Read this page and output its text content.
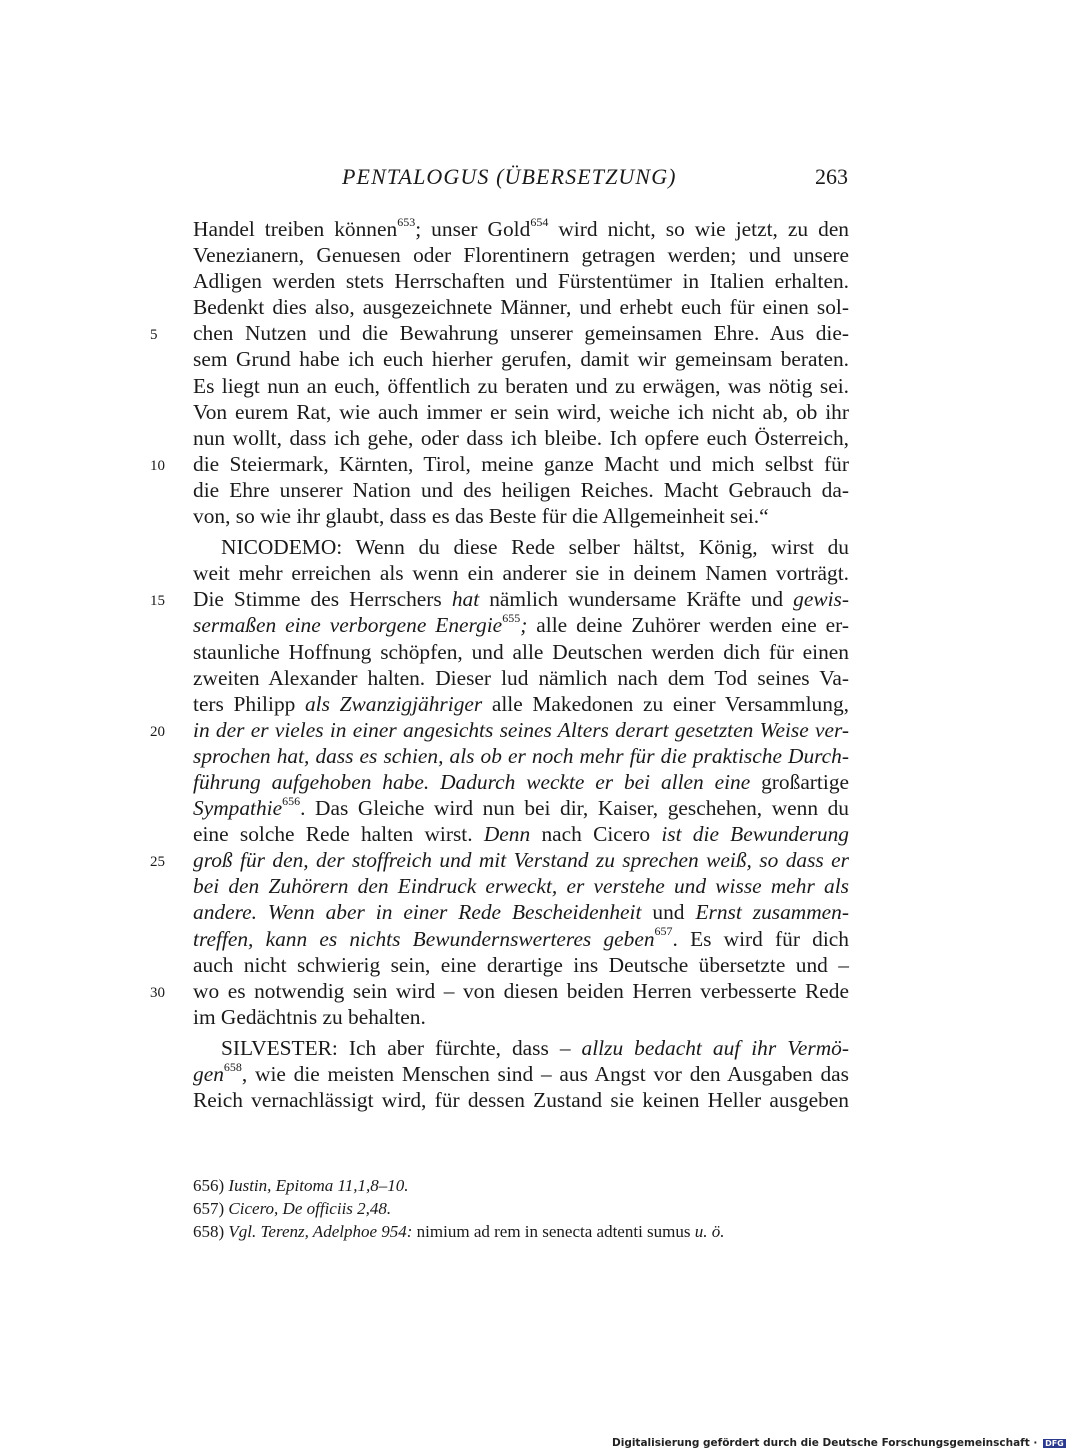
PENTALOGUS (ÜBERSETZUNG)	263
Handel treiben können$^{653}$; unser Gold$^{654}$ wird nicht, so wie jetzt, zu den
Venezianern, Genuesen oder Florentinern getragen werden; und unsere
Adligen werden stets Herrschaften und Fürstentümer in Italien erhalten.
Bedenkt dies also, ausgezeichnete Männer, und erhebt euch für einen sol-
5	chen Nutzen und die Bewahrung unserer gemeinsamen Ehre. Aus die-
sem Grund habe ich euch hierher gerufen, damit wir gemeinsam beraten.
Es liegt nun an euch, öffentlich zu beraten und zu erwägen, was nötig sei.
Von eurem Rat, wie auch immer er sein wird, weiche ich nicht ab, ob ihr
nun wollt, dass ich gehe, oder dass ich bleibe. Ich opfere euch Österreich,
10 die Steiermark, Kärnten, Tirol, meine ganze Macht und mich selbst für
die Ehre unserer Nation und des heiligen Reiches. Macht Gebrauch da-
von, so wie ihr glaubt, dass es das Beste für die Allgemeinheit sei.“
NICODEMO: Wenn du diese Rede selber hältst, König, wirst du
weit mehr erreichen als wenn ein anderer sie in deinem Namen vorträgt.
15 Die Stimme des Herrschers hat nämlich wundersame Kräfte und gewis-
sermaßen eine verborgene Energie$^{655}$; alle deine Zuhörer werden eine er-
staunliche Hoffnung schöpfen, und alle Deutschen werden dich für einen
zweiten Alexander halten. Dieser lud nämlich nach dem Tod seines Va-
ters Philipp als Zwanzigjähriger alle Makedonen zu einer Versammlung,
20 in der er vieles in einer angesichts seines Alters derart gesetzten Weise ver-
sprochen hat, dass es schien, als ob er noch mehr für die praktische Durch-
führung aufgehoben habe. Dadurch weckte er bei allen eine großartige
Sympathie$^{656}$. Das Gleiche wird nun bei dir, Kaiser, geschehen, wenn du
eine solche Rede halten wirst. Denn nach Cicero ist die Bewunderung
25 groß für den, der stoffreich und mit Verstand zu sprechen weiß, so dass er
bei den Zuhörern den Eindruck erweckt, er verstehe und wisse mehr als
andere. Wenn aber in einer Rede Bescheidenheit und Ernst zusammen-
treffen, kann es nichts Bewundernswerteres geben$^{657}$. Es wird für dich
auch nicht schwierig sein, eine derartige ins Deutsche übersetzte und –
30 wo es notwendig sein wird – von diesen beiden Herren verbesserte Rede
im Gedächtnis zu behalten.
SILVESTER: Ich aber fürchte, dass – allzu bedacht auf ihr Vermö-
gen$^{658}$, wie die meisten Menschen sind – aus Angst vor den Ausgaben das
Reich vernachlässigt wird, für dessen Zustand sie keinen Heller ausgeben
656) Iustin, Epitoma 11,1,8–10.
657) Cicero, De officiis 2,48.
658) Vgl. Terenz, Adelphoe 954: nimium ad rem in senecta adtenti sumus u. ö.
Digitalisierung gefördert durch die Deutsche Forschungsgemeinschaft · DFG
